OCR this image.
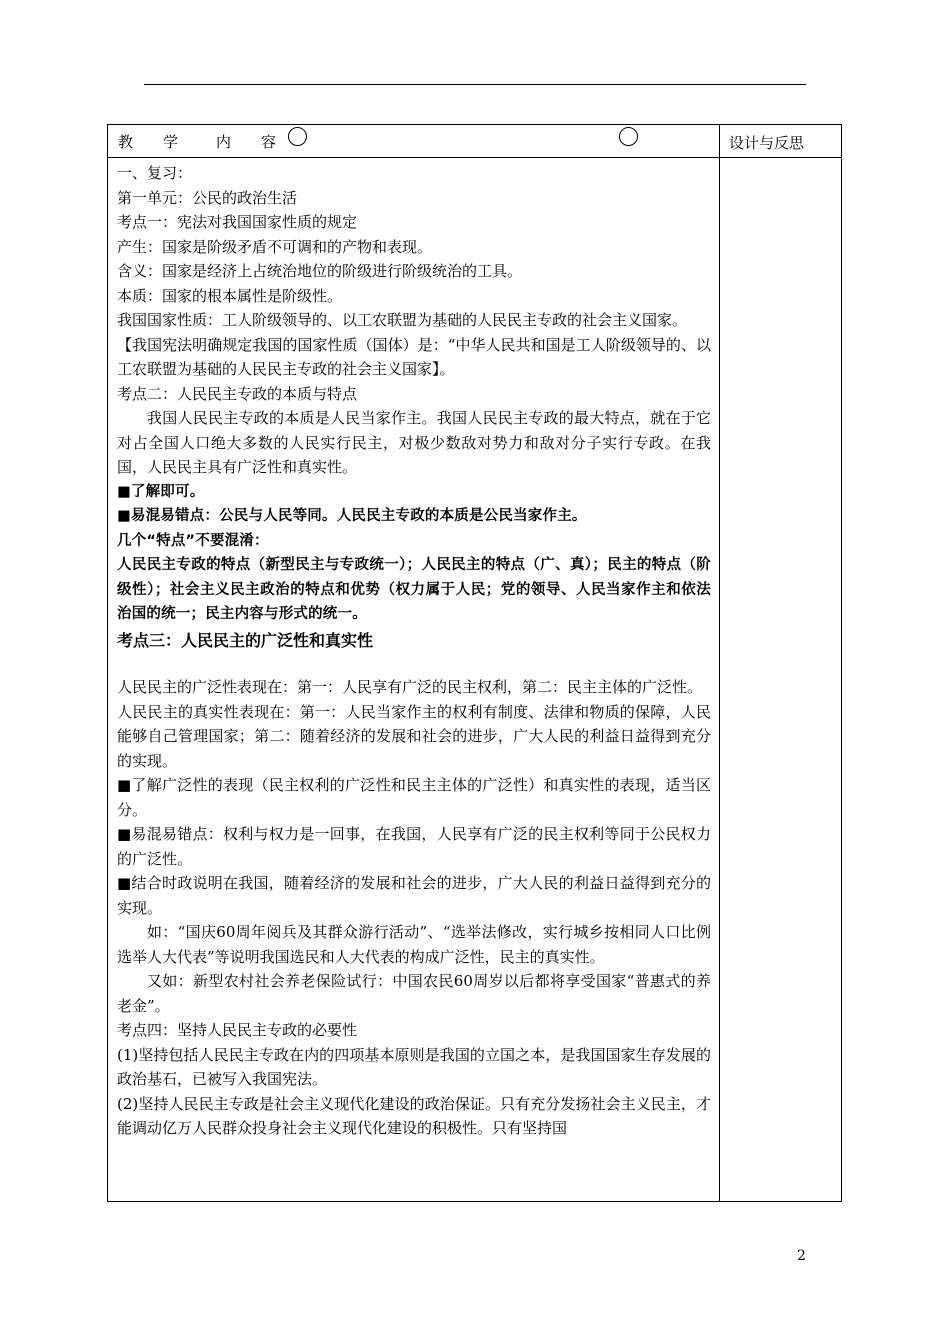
教 学	内 容	设计与反思

一、复习：

第一单元：公民的政治生活

考点一：宪法对我国国家性质的规定

产生：国家是阶级矛盾不可调和的产物和表现。

含义：国家是经济上占统治地位的阶级进行阶级统治的工具。

本质：国家的根本属性是阶级性。

我国国家性质：工人阶级领导的、以工农联盟为基础的人民民主专政的社会主义国家。

【我国宪法明确规定我国的国家性质（国体）是：“中华人民共和国是工人阶级领导的、以工农联盟为基础的人民民主专政的社会主义国家】。

考点二：人民民主专政的本质与特点

我国人民民主专政的本质是人民当家作主。我国人民民主专政的最大特点，就在于它对占全国人口绝大多数的人民实行民主，对极少数敌对势力和敌对分子实行专政。在我国，人民民主具有广泛性和真实性。

■了解即可。

■易混易错点：公民与人民等同。人民民主专政的本质是公民当家作主。

几个“特点”不要混淆：

人民民主专政的特点（新型民主与专政统一）；人民民主的特点（广、真）；民主的特点（阶级性）；社会主义民主政治的特点和优势（权力属于人民；党的领导、人民当家作主和依法治国的统一；民主内容与形式的统一。

考点三：人民民主的广泛性和真实性

人民民主的广泛性表现在：第一：人民享有广泛的民主权利，第二：民主主体的广泛性。

人民民主的真实性表现在：第一：人民当家作主的权利有制度、法律和物质的保障，人民能够自己管理国家；第二：随着经济的发展和社会的进步，广大人民的利益日益得到充分的实现。

■了解广泛性的表现（民主权利的广泛性和民主主体的广泛性）和真实性的表现，适当区分。

■易混易错点：权利与权力是一回事，在我国，人民享有广泛的民主权利等同于公民权力的广泛性。

■结合时政说明在我国，随着经济的发展和社会的进步，广大人民的利益日益得到充分的实现。

如：“国庆60周年阅兵及其群众游行活动”、“选举法修改，实行城乡按相同人口比例选举人大代表”等说明我国选民和人大代表的构成广泛性，民主的真实性。

又如：新型农村社会养老保险试行：中国农民60周岁以后都将享受国家“普惠式的养老金”。

考点四：坚持人民民主专政的必要性

(1)坚持包括人民民主专政在内的四项基本原则是我国的立国之本，是我国国家生存发展的政治基石，已被写入我国宪法。

(2)坚持人民民主专政是社会主义现代化建设的政治保证。只有充分发扬社会主义民主，才能调动亿万人民群众投身社会主义现代化建设的积极性。只有坚持国

2
